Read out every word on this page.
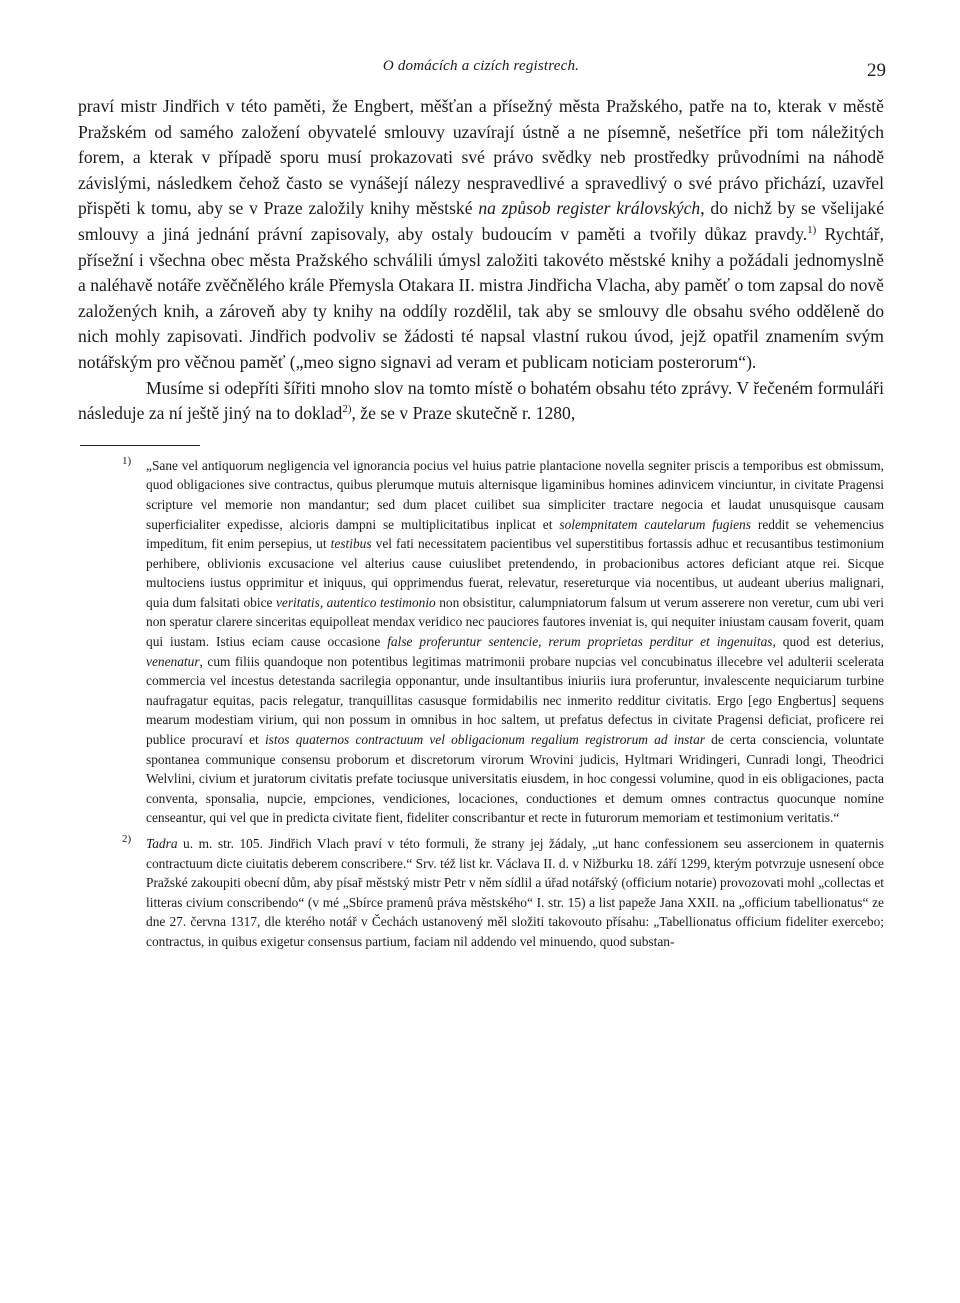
O domácích a cizích registrech.	29

praví mistr Jindřich v této paměti, že Engbert, měšťan a přísežný města Pražského, patře na to, kterak v městě Pražském od samého založení obyvatelé smlouvy uzavírají ústně a ne písemně, nešetříce při tom náležitých forem, a kterak v případě sporu musí prokazovati své právo svědky neb prostředky průvodními na náhodě závislými, následkem čehož často se vynášejí nálezy nespravedlivé a spravedlivý o své právo přichází, uzavřel přispěti k tomu, aby se v Praze založily knihy městské na způsob register královských, do nichž by se všelijaké smlouvy a jiná jednání právní zapisovaly, aby ostaly budoucím v paměti a tvořily důkaz pravdy.$^{1)}$ Rychtář, přísežní i všechna obec města Pražského schválili úmysl založiti takovéto městské knihy a požádali jednomyslně a naléhavě notáře zvěčnělého krále Přemysla Otakara II. mistra Jindřicha Vlacha, aby paměť o tom zapsal do nově založených knih, a zároveň aby ty knihy na oddíly rozdělil, tak aby se smlouvy dle obsahu svého odděleně do nich mohly zapisovati. Jindřich podvoliv se žádosti té napsal vlastní rukou úvod, jejž opatřil znamením svým notářským pro věčnou paměť („meo signo signavi ad veram et publicam noticiam posterorum“).

Musíme si odepříti šířiti mnoho slov na tomto místě o bohatém obsahu této zprávy. V řečeném formuláři následuje za ní ještě jiný na to doklad$^{2)}$, že se v Praze skutečně r. 1280,

1) „Sane vel antiquorum negligencia vel ignorancia pocius vel huius patrie plantacione novella segniter priscis a temporibus est obmissum, quod obligaciones sive contractus, quibus plerumque mutuis alternisque ligaminibus homines adinvicem vinciuntur, in civitate Pragensi scripture vel memorie non mandantur; sed dum placet cuilibet sua simpliciter tractare negocia et laudat unusquisque causam superficialiter expedisse, alcioris dampni se multiplicitatibus inplicat et solempnitatem cautelarum fugiens reddit se vehemencius impeditum, fit enim persepius, ut testibus vel fati necessitatem pacientibus vel superstitibus fortassis adhuc et recusantibus testimonium perhibere, oblivionis excusacione vel alterius cause cuiuslibet pretendendo, in probacionibus actores deficiant atque rei. Sicque multociens iustus opprimitur et iniquus, qui opprimendus fuerat, relevatur, resereturque via nocentibus, ut audeant uberius malignari, quia dum falsitati obice veritatis, autentico testimonio non obsistitur, calumpniatorum falsum ut verum asserere non veretur, cum ubi veri non speratur clarere sinceritas equipolleat mendax veridico nec pauciores fautores inveniat is, qui nequiter iniustam causam foverit, quam qui iustam. Istius eciam cause occasione false proferuntur sentencie, rerum proprietas perditur et ingenuitas, quod est deterius, venenatur, cum filiis quandoque non potentibus legitimas matrimonii probare nupcias vel concubinatus illecebre vel adulterii scelerata commercia vel incestus detestanda sacrilegia opponantur, unde insultantibus iniuriis iura proferuntur, invalescente nequiciarum turbine naufragatur equitas, pacis relegatur, tranquillitas casusque formidabilis nec inmerito redditur civitatis. Ergo [ego Engbertus] sequens mearum modestiam virium, qui non possum in omnibus in hoc saltem, ut prefatus defectus in civitate Pragensi deficiat, proficere rei publice procuraví et istos quaternos contractuum vel obligacionum regalium registrorum ad instar de certa consciencia, voluntate spontanea communique consensu proborum et discretorum virorum Wrovini judicis, Hyltmari Wridingeri, Cunradi longi, Theodrici Welvlini, civium et juratorum civitatis prefate tociusque universitatis eiusdem, in hoc congessi volumine, quod in eis obligaciones, pacta conventa, sponsalia, nupcie, empciones, vendiciones, locaciones, conductiones et demum omnes contractus quocunque nomine censeantur, qui vel que in predicta civitate fient, fideliter conscribantur et recte in futurorum memoriam et testimonium veritatis.“
2) Tadra u. m. str. 105. Jindřich Vlach praví v této formuli, že strany jej žádaly, „ut hanc confessionem seu assercionem in quaternis contractuum dicte ciuitatis deberem conscribere.“ Srv. též list kr. Václava II. d. v Nižburku 18. září 1299, kterým potvrzuje usnesení obce Pražské zakoupiti obecní dům, aby písař městský mistr Petr v něm sídlil a úřad notářský (officium notarie) provozovati mohl „collectas et litteras civium conscribendo“ (v mé „Sbírce pramenů práva městského“ I. str. 15) a list papeže Jana XXII. na „officium tabellionatus“ ze dne 27. června 1317, dle kterého notář v Čechách ustanovený měl složiti takovouto přísahu: „Tabellionatus officium fideliter exercebo; contractus, in quibus exigetur consensus partium, faciam nil addendo vel minuendo, quod substan-
